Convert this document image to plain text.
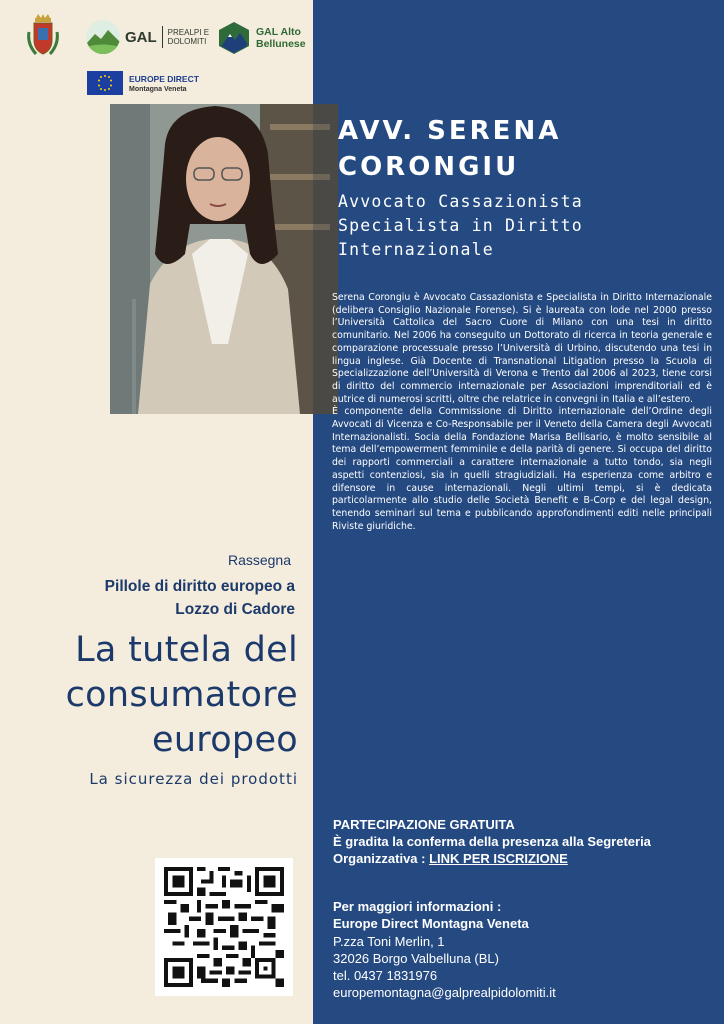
GAL PREALPI E
DOLOMITI
GAL Alto
Bellunese
EUROPE DIRECT
Montagna Veneta
AVV. SERENA
CORONGIU
Avvocato Cassazionista
Specialista in Diritto
Internazionale

Serena Corongiu è Avvocato Cassazionista e Specialista in Diritto Internazionale (delibera Consiglio Nazionale Forense). Si è laureata con lode nel 2000 presso l’Università Cattolica del Sacro Cuore di Milano con una tesi in diritto comunitario. Nel 2006 ha conseguito un Dottorato di ricerca in teoria generale e comparazione processuale presso l’Università di Urbino, discutendo una tesi in lingua inglese. Già Docente di Transnational Litigation presso la Scuola di Specializzazione dell’Università di Verona e Trento dal 2006 al 2023, tiene corsi di diritto del commercio internazionale per Associazioni imprenditoriali ed è autrice di numerosi scritti, oltre che relatrice in convegni in Italia e all’estero.

È componente della Commissione di Diritto internazionale dell’Ordine degli Avvocati di Vicenza e Co-Responsabile per il Veneto della Camera degli Avvocati Internazionalisti. Socia della Fondazione Marisa Bellisario, è molto sensibile al tema dell’empowerment femminile e della parità di genere. Si occupa del diritto dei rapporti commerciali a carattere internazionale a tutto tondo, sia negli aspetti contenziosi, sia in quelli stragiudiziali. Ha esperienza come arbitro e difensore in cause internazionali. Negli ultimi tempi, si è dedicata particolarmente allo studio delle Società Benefit e B-Corp e del legal design, tenendo seminari sul tema e pubblicando approfondimenti editi nelle principali Riviste giuridiche.

Rassegna
Pillole di diritto europeo a
Lozzo di Cadore
La tutela del
consumatore
europeo
La sicurezza dei prodotti
PARTECIPAZIONE GRATUITA
È gradita la conferma della presenza alla Segreteria
Organizzativa : LINK PER ISCRIZIONE
Per maggiori informazioni :
Europe Direct Montagna Veneta
P.zza Toni Merlin, 1
32026 Borgo Valbelluna (BL)
tel. 0437 1831976
europemontagna@galprealpidolomiti.it
